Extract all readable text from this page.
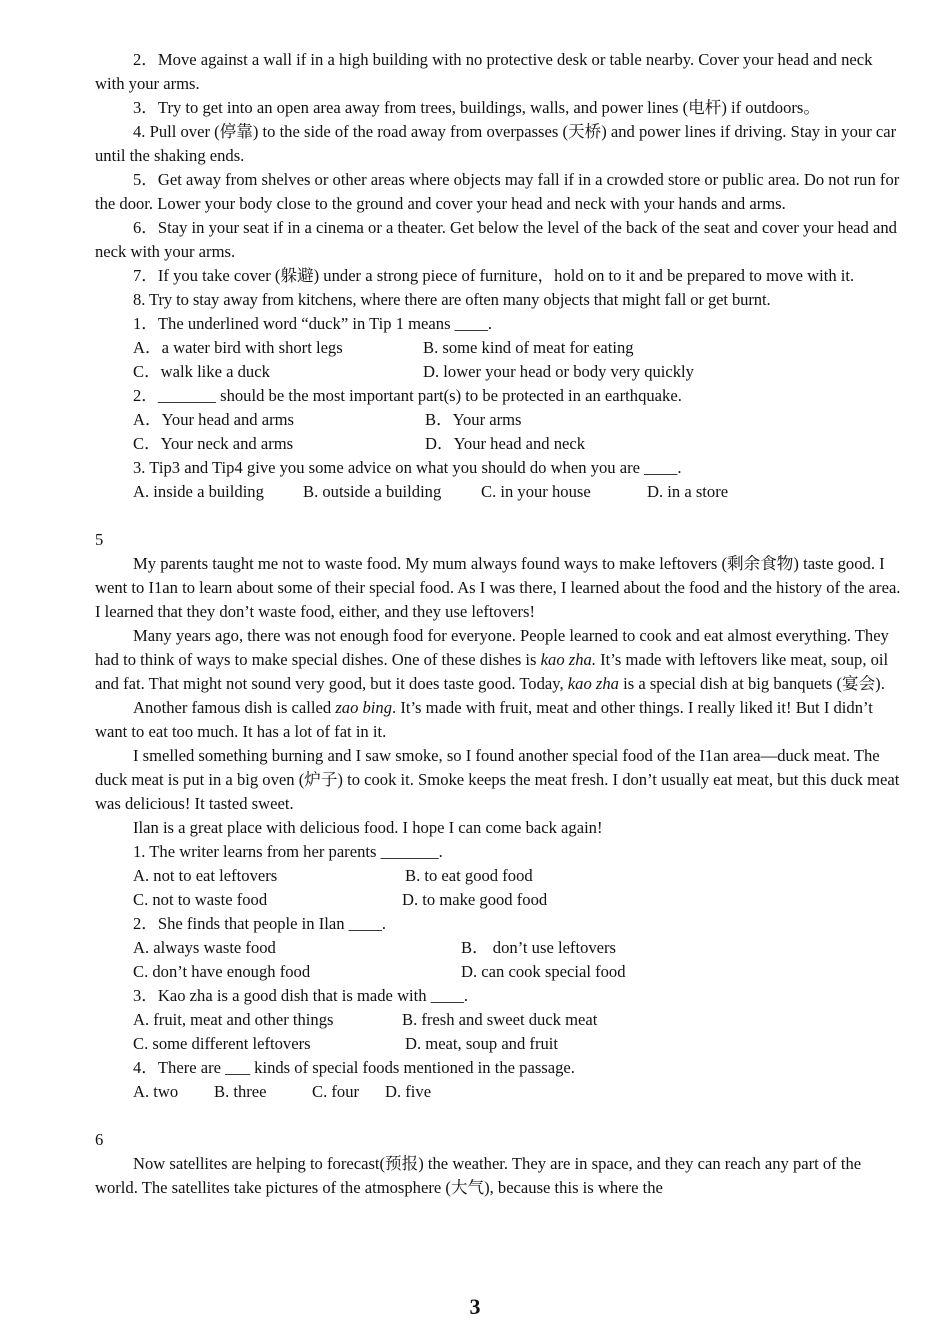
2．Move against a wall if in a high building with no protective desk or table nearby. Cover your head and neck with your arms.

3．Try to get into an open area away from trees, buildings, walls, and power lines (电杆) if outdoors。

4. Pull over (停靠) to the side of the road away from overpasses (天桥) and power lines if driving. Stay in your car until the shaking ends.

5．Get away from shelves or other areas where objects may fall if in a crowded store or public area. Do not run for the door. Lower your body close to the ground and cover your head and neck with your hands and arms.

6．Stay in your seat if in a cinema or a theater. Get below the level of the back of the seat and cover your head and neck with your arms.

7．If you take cover (躲避) under a strong piece of furniture，hold on to it and be prepared to move with it.

8. Try to stay away from kitchens, where there are often many objects that might fall or get burnt.

1．The underlined word “duck” in Tip 1 means ____.

A．a water bird with short legs	B. some kind of meat for eating
C．walk like a duck	D. lower your head or body very quickly

2．_______ should be the most important part(s) to be protected in an earthquake.

A．Your head and arms	B．Your arms
C．Your neck and arms	D．Your head and neck

3. Tip3 and Tip4 give you some advice on what you should do when you are ____.

A. inside a building B. outside a building C. in your house	D. in a store

5

My parents taught me not to waste food. My mum always found ways to make leftovers (剩余食物) taste good. I went to I1an to learn about some of their special food. As I was there, I learned about the food and the history of the area. I learned that they don’t waste food, either, and they use leftovers!

Many years ago, there was not enough food for everyone. People learned to cook and eat almost everything. They had to think of ways to make special dishes. One of these dishes is kao zha. It’s made with leftovers like meat, soup, oil and fat. That might not sound very good, but it does taste good. Today, kao zha is a special dish at big banquets (宴会).

Another famous dish is called zao bing. It’s made with fruit, meat and other things. I really liked it! But I didn’t want to eat too much. It has a lot of fat in it.

I smelled something burning and I saw smoke, so I found another special food of the I1an area—duck meat. The duck meat is put in a big oven (炉子) to cook it. Smoke keeps the meat fresh. I don’t usually eat meat, but this duck meat was delicious! It tasted sweet.

Ilan is a great place with delicious food. I hope I can come back again!

1. The writer learns from her parents _______.

A. not to eat leftovers	B. to eat good food
C. not to waste food	D. to make good food

2．She finds that people in Ilan ____.

A. always waste food	B． don’t use leftovers
C. don’t have enough food	D. can cook special food

3．Kao zha is a good dish that is made with ____.

A. fruit, meat and other things	B. fresh and sweet duck meat
C. some different leftovers	D. meat, soup and fruit

4．There are ___ kinds of special foods mentioned in the passage.

A. two B. three	C. four D. five

6

Now satellites are helping to forecast(预报) the weather. They are in space, and they can reach any part of the world. The satellites take pictures of the atmosphere (大气), because this is where the

3
